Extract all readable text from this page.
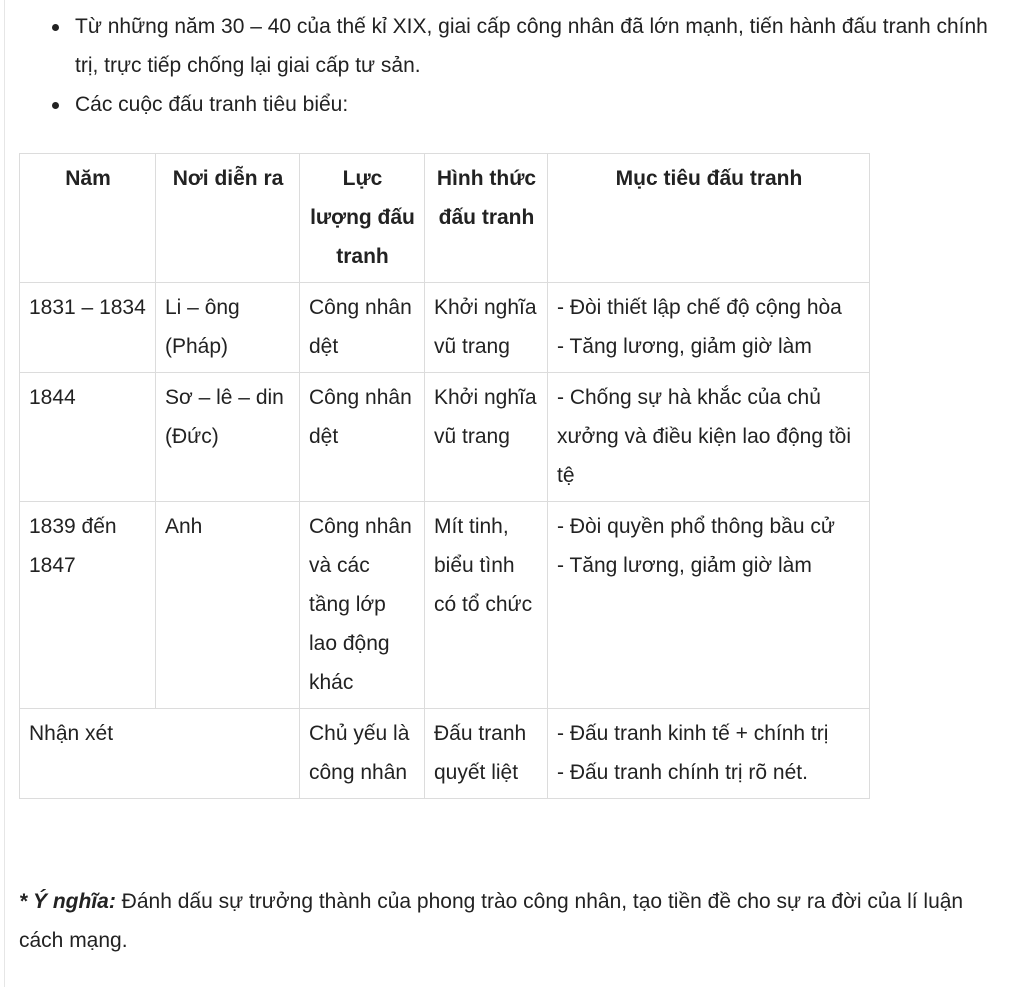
Từ những năm 30 – 40 của thế kỉ XIX, giai cấp công nhân đã lớn mạnh, tiến hành đấu tranh chính trị, trực tiếp chống lại giai cấp tư sản.
Các cuộc đấu tranh tiêu biểu:
Năm	Nơi diễn ra	Lực lượng đấu tranh	Hình thức đấu tranh	Mục tiêu đấu tranh
1831 – 1834	Li – ông (Pháp)	Công nhân dệt	Khởi nghĩa vũ trang	- Đòi thiết lập chế độ cộng hòa
- Tăng lương, giảm giờ làm

1844	Sơ – lê – din (Đức)	Công nhân dệt	Khởi nghĩa vũ trang	- Chống sự hà khắc của chủ xưởng và điều kiện lao động tồi tệ

1839 đến 1847	Anh	Công nhân và các tầng lớp lao động khác	Mít tinh, biểu tình có tổ chức	- Đòi quyền phổ thông bầu cử
- Tăng lương, giảm giờ làm

Nhận xét		Chủ yếu là công nhân	Đấu tranh quyết liệt	- Đấu tranh kinh tế + chính trị
- Đấu tranh chính trị rõ nét.
* Ý nghĩa: Đánh dấu sự trưởng thành của phong trào công nhân, tạo tiền đề cho sự ra đời của lí luận cách mạng.
